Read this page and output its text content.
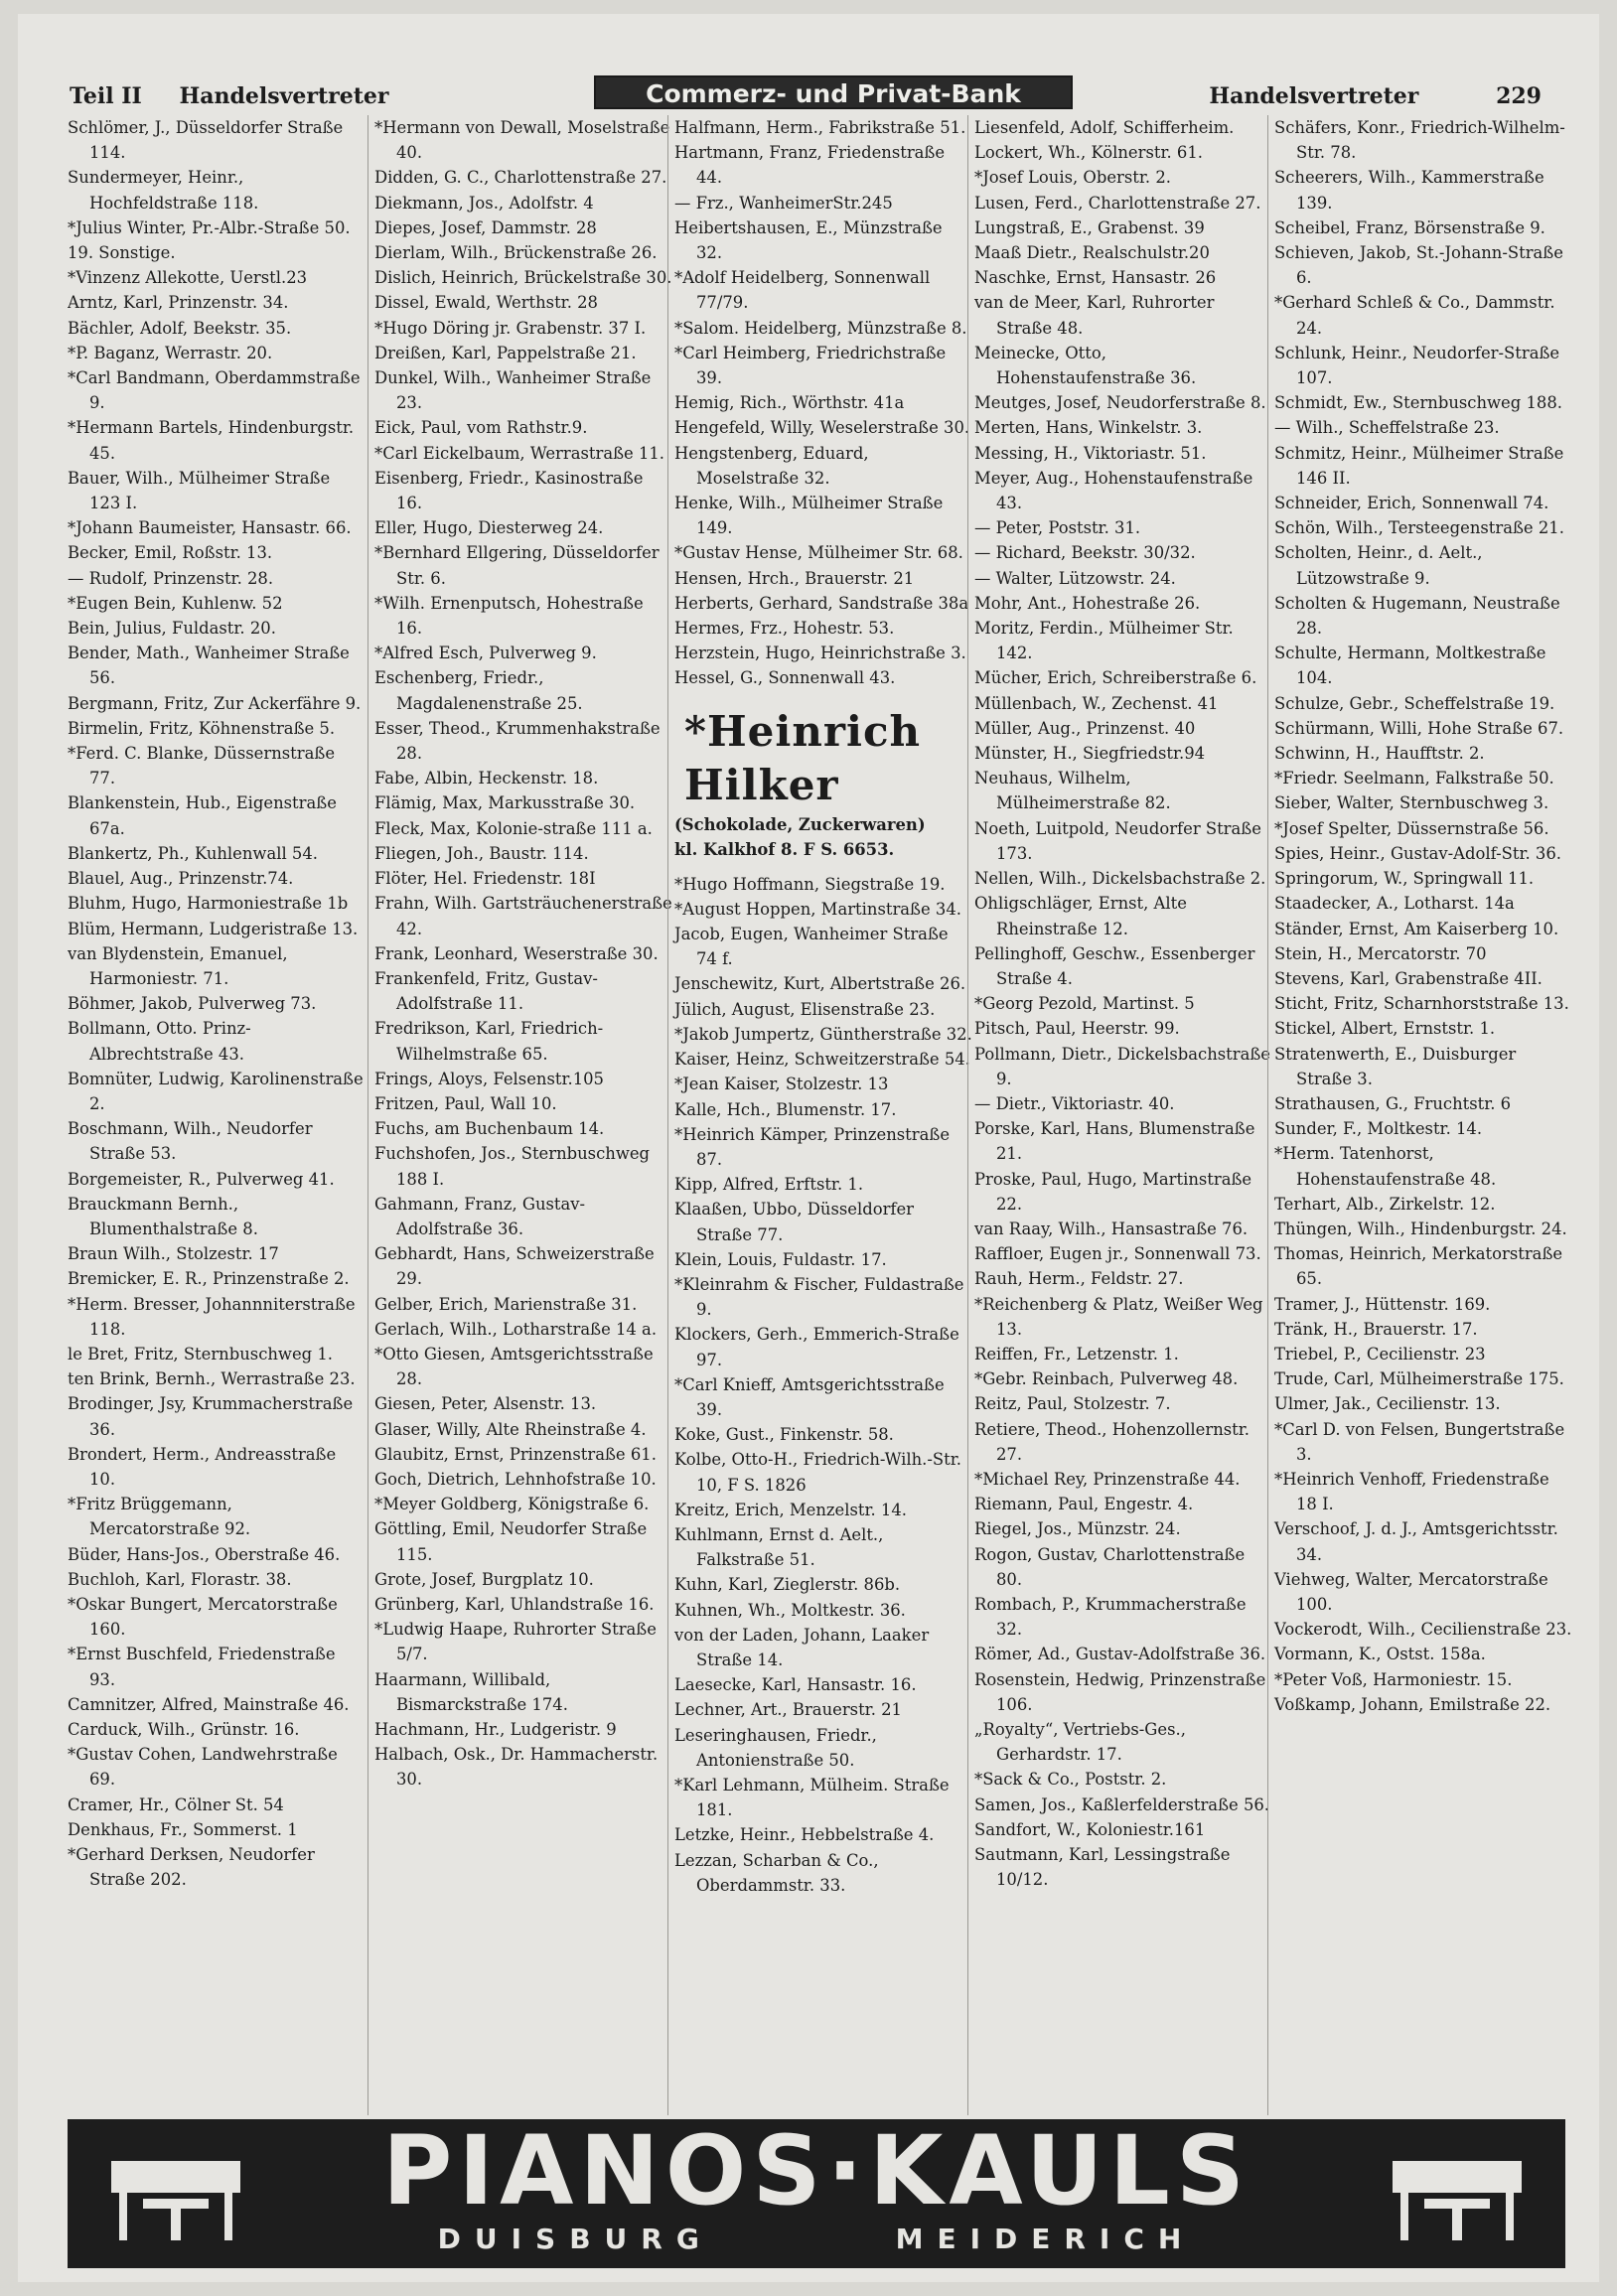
Teil II Handelsvertreter	Commerz- und Privat-Bank	Handelsvertreter	229

Schlömer, J., Düsseldorfer Straße 114.

Sundermeyer, Heinr., Hochfeldstraße 118.

*Julius Winter, Pr.-Albr.-Straße 50.

19. Sonstige.

*Vinzenz Allekotte, Uerstl.23

Arntz, Karl, Prinzenstr. 34.

Bächler, Adolf, Beekstr. 35.

*P. Baganz, Werrastr. 20.

*Carl Bandmann, Oberdammstraße 9.

*Hermann Bartels, Hindenburgstr. 45.

Bauer, Wilh., Mülheimer Straße 123 I.

*Johann Baumeister, Hansastr. 66.

Becker, Emil, Roßstr. 13.

— Rudolf, Prinzenstr. 28.

*Eugen Bein, Kuhlenw. 52

Bein, Julius, Fuldastr. 20.

Bender, Math., Wanheimer Straße 56.

Bergmann, Fritz, Zur Ackerfähre 9.

Birmelin, Fritz, Köhnenstraße 5.

*Ferd. C. Blanke, Düssernstraße 77.

Blankenstein, Hub., Eigenstraße 67a.

Blankertz, Ph., Kuhlenwall 54.

Blauel, Aug., Prinzenstr.74.

Bluhm, Hugo, Harmoniestraße 1b

Blüm, Hermann, Ludgeristraße 13.

van Blydenstein, Emanuel, Harmoniestr. 71.

Böhmer, Jakob, Pulverweg 73.

Bollmann, Otto. Prinz-Albrechtstraße 43.

Bomnüter, Ludwig, Karolinenstraße 2.

Boschmann, Wilh., Neudorfer Straße 53.

Borgemeister, R., Pulverweg 41.

Brauckmann Bernh., Blumenthalstraße 8.

Braun Wilh., Stolzestr. 17

Bremicker, E. R., Prinzenstraße 2.

*Herm. Bresser, Johannniterstraße 118.

le Bret, Fritz, Sternbuschweg 1.

ten Brink, Bernh., Werrastraße 23.

Brodinger, Jsy, Krummacherstraße 36.

Brondert, Herm., Andreasstraße 10.

*Fritz Brüggemann, Mercatorstraße 92.

Büder, Hans-Jos., Oberstraße 46.

Buchloh, Karl, Florastr. 38.

*Oskar Bungert, Mercatorstraße 160.

*Ernst Buschfeld, Friedenstraße 93.

Camnitzer, Alfred, Mainstraße 46.

Carduck, Wilh., Grünstr. 16.

*Gustav Cohen, Landwehrstraße 69.

Cramer, Hr., Cölner St. 54

Denkhaus, Fr., Sommerst. 1

*Gerhard Derksen, Neudorfer Straße 202.

*Hermann von Dewall, Moselstraße 40.

Didden, G. C., Charlottenstraße 27.

Diekmann, Jos., Adolfstr. 4

Diepes, Josef, Dammstr. 28

Dierlam, Wilh., Brückenstraße 26.

Dislich, Heinrich, Brückelstraße 30.

Dissel, Ewald, Werthstr. 28

*Hugo Döring jr. Grabenstr. 37 I.

Dreißen, Karl, Pappelstraße 21.

Dunkel, Wilh., Wanheimer Straße 23.

Eick, Paul, vom Rathstr.9.

*Carl Eickelbaum, Werrastraße 11.

Eisenberg, Friedr., Kasinostraße 16.

Eller, Hugo, Diesterweg 24.

*Bernhard Ellgering, Düsseldorfer Str. 6.

*Wilh. Ernenputsch, Hohestraße 16.

*Alfred Esch, Pulverweg 9.

Eschenberg, Friedr., Magdalenenstraße 25.

Esser, Theod., Krummenhakstraße 28.

Fabe, Albin, Heckenstr. 18.

Flämig, Max, Markusstraße 30.

Fleck, Max, Kolonie-straße 111 a.

Fliegen, Joh., Baustr. 114.

Flöter, Hel. Friedenstr. 18I

Frahn, Wilh. Gartsträuchenerstraße 42.

Frank, Leonhard, Weserstraße 30.

Frankenfeld, Fritz, Gustav-Adolfstraße 11.

Fredrikson, Karl, Friedrich-Wilhelmstraße 65.

Frings, Aloys, Felsenstr.105

Fritzen, Paul, Wall 10.

Fuchs, am Buchenbaum 14.

Fuchshofen, Jos., Sternbuschweg 188 I.

Gahmann, Franz, Gustav-Adolfstraße 36.

Gebhardt, Hans, Schweizerstraße 29.

Gelber, Erich, Marienstraße 31.

Gerlach, Wilh., Lotharstraße 14 a.

*Otto Giesen, Amtsgerichtsstraße 28.

Giesen, Peter, Alsenstr. 13.

Glaser, Willy, Alte Rheinstraße 4.

Glaubitz, Ernst, Prinzenstraße 61.

Goch, Dietrich, Lehnhofstraße 10.

*Meyer Goldberg, Königstraße 6.

Göttling, Emil, Neudorfer Straße 115.

Grote, Josef, Burgplatz 10.

Grünberg, Karl, Uhlandstraße 16.

*Ludwig Haape, Ruhrorter Straße 5/7.

Haarmann, Willibald, Bismarckstraße 174.

Hachmann, Hr., Ludgeristr. 9

Halbach, Osk., Dr. Hammacherstr. 30.

Halfmann, Herm., Fabrikstraße 51.

Hartmann, Franz, Friedenstraße 44.

— Frz., WanheimerStr.245

Heibertshausen, E., Münzstraße 32.

*Adolf Heidelberg, Sonnenwall 77/79.

*Salom. Heidelberg, Münzstraße 8.

*Carl Heimberg, Friedrichstraße 39.

Hemig, Rich., Wörthstr. 41a

Hengefeld, Willy, Weselerstraße 30.

Hengstenberg, Eduard, Moselstraße 32.

Henke, Wilh., Mülheimer Straße 149.

*Gustav Hense, Mülheimer Str. 68.

Hensen, Hrch., Brauerstr. 21

Herberts, Gerhard, Sandstraße 38a

Hermes, Frz., Hohestr. 53.

Herzstein, Hugo, Heinrichstraße 3.

Hessel, G., Sonnenwall 43.

*Heinrich Hilker
(Schokolade, Zuckerwaren)
kl. Kalkhof 8. F S. 6653.

*Hugo Hoffmann, Siegstraße 19.

*August Hoppen, Martinstraße 34.

Jacob, Eugen, Wanheimer Straße 74 f.

Jenschewitz, Kurt, Albertstraße 26.

Jülich, August, Elisenstraße 23.

*Jakob Jumpertz, Güntherstraße 32.

Kaiser, Heinz, Schweitzerstraße 54.

*Jean Kaiser, Stolzestr. 13

Kalle, Hch., Blumenstr. 17.

*Heinrich Kämper, Prinzenstraße 87.

Kipp, Alfred, Erftstr. 1.

Klaaßen, Ubbo, Düsseldorfer Straße 77.

Klein, Louis, Fuldastr. 17.

*Kleinrahm & Fischer, Fuldastraße 9.

Klockers, Gerh., Emmerich-Straße 97.

*Carl Knieff, Amtsgerichtsstraße 39.

Koke, Gust., Finkenstr. 58.

Kolbe, Otto-H., Friedrich-Wilh.-Str. 10, F S. 1826

Kreitz, Erich, Menzelstr. 14.

Kuhlmann, Ernst d. Aelt., Falkstraße 51.

Kuhn, Karl, Zieglerstr. 86b.

Kuhnen, Wh., Moltkestr. 36.

von der Laden, Johann, Laaker Straße 14.

Laesecke, Karl, Hansastr. 16.

Lechner, Art., Brauerstr. 21

Leseringhausen, Friedr., Antonienstraße 50.

*Karl Lehmann, Mülheim. Straße 181.

Letzke, Heinr., Hebbelstraße 4.

Lezzan, Scharban & Co., Oberdammstr. 33.

Liesenfeld, Adolf, Schifferheim.

Lockert, Wh., Kölnerstr. 61.

*Josef Louis, Oberstr. 2.

Lusen, Ferd., Charlottenstraße 27.

Lungstraß, E., Grabenst. 39

Maaß Dietr., Realschulstr.20

Naschke, Ernst, Hansastr. 26

van de Meer, Karl, Ruhrorter Straße 48.

Meinecke, Otto, Hohenstaufenstraße 36.

Meutges, Josef, Neudorferstraße 8.

Merten, Hans, Winkelstr. 3.

Messing, H., Viktoriastr. 51.

Meyer, Aug., Hohenstaufenstraße 43.

— Peter, Poststr. 31.

— Richard, Beekstr. 30/32.

— Walter, Lützowstr. 24.

Mohr, Ant., Hohestraße 26.

Moritz, Ferdin., Mülheimer Str. 142.

Mücher, Erich, Schreiberstraße 6.

Müllenbach, W., Zechenst. 41

Müller, Aug., Prinzenst. 40

Münster, H., Siegfriedstr.94

Neuhaus, Wilhelm, Mülheimerstraße 82.

Noeth, Luitpold, Neudorfer Straße 173.

Nellen, Wilh., Dickelsbachstraße 2.

Ohligschläger, Ernst, Alte Rheinstraße 12.

Pellinghoff, Geschw., Essenberger Straße 4.

*Georg Pezold, Martinst. 5

Pitsch, Paul, Heerstr. 99.

Pollmann, Dietr., Dickelsbachstraße 9.

— Dietr., Viktoriastr. 40.

Porske, Karl, Hans, Blumenstraße 21.

Proske, Paul, Hugo, Martinstraße 22.

van Raay, Wilh., Hansastraße 76.

Raffloer, Eugen jr., Sonnenwall 73.

Rauh, Herm., Feldstr. 27.

*Reichenberg & Platz, Weißer Weg 13.

Reiffen, Fr., Letzenstr. 1.

*Gebr. Reinbach, Pulverweg 48.

Reitz, Paul, Stolzestr. 7.

Retiere, Theod., Hohenzollernstr. 27.

*Michael Rey, Prinzenstraße 44.

Riemann, Paul, Engestr. 4.

Riegel, Jos., Münzstr. 24.

Rogon, Gustav, Charlottenstraße 80.

Rombach, P., Krummacherstraße 32.

Römer, Ad., Gustav-Adolfstraße 36.

Rosenstein, Hedwig, Prinzenstraße 106.

„Royalty“, Vertriebs-Ges., Gerhardstr. 17.

*Sack & Co., Poststr. 2.

Samen, Jos., Kaßlerfelderstraße 56.

Sandfort, W., Koloniestr.161

Sautmann, Karl, Lessingstraße 10/12.

Schäfers, Konr., Friedrich-Wilhelm-Str. 78.

Scheerers, Wilh., Kammerstraße 139.

Scheibel, Franz, Börsenstraße 9.

Schieven, Jakob, St.-Johann-Straße 6.

*Gerhard Schleß & Co., Dammstr. 24.

Schlunk, Heinr., Neudorfer-Straße 107.

Schmidt, Ew., Sternbuschweg 188.

— Wilh., Scheffelstraße 23.

Schmitz, Heinr., Mülheimer Straße 146 II.

Schneider, Erich, Sonnenwall 74.

Schön, Wilh., Tersteegenstraße 21.

Scholten, Heinr., d. Aelt., Lützowstraße 9.

Scholten & Hugemann, Neustraße 28.

Schulte, Hermann, Moltkestraße 104.

Schulze, Gebr., Scheffelstraße 19.

Schürmann, Willi, Hohe Straße 67.

Schwinn, H., Haufftstr. 2.

*Friedr. Seelmann, Falkstraße 50.

Sieber, Walter, Sternbuschweg 3.

*Josef Spelter, Düssernstraße 56.

Spies, Heinr., Gustav-Adolf-Str. 36.

Springorum, W., Springwall 11.

Staadecker, A., Lotharst. 14a

Ständer, Ernst, Am Kaiserberg 10.

Stein, H., Mercatorstr. 70

Stevens, Karl, Grabenstraße 4II.

Sticht, Fritz, Scharnhorststraße 13.

Stickel, Albert, Ernststr. 1.

Stratenwerth, E., Duisburger Straße 3.

Strathausen, G., Fruchtstr. 6

Sunder, F., Moltkestr. 14.

*Herm. Tatenhorst, Hohenstaufenstraße 48.

Terhart, Alb., Zirkelstr. 12.

Thüngen, Wilh., Hindenburgstr. 24.

Thomas, Heinrich, Merkatorstraße 65.

Tramer, J., Hüttenstr. 169.

Tränk, H., Brauerstr. 17.

Triebel, P., Cecilienstr. 23

Trude, Carl, Mülheimerstraße 175.

Ulmer, Jak., Cecilienstr. 13.

*Carl D. von Felsen, Bungertstraße 3.

*Heinrich Venhoff, Friedenstraße 18 I.

Verschoof, J. d. J., Amtsgerichtsstr. 34.

Viehweg, Walter, Mercatorstraße 100.

Vockerodt, Wilh., Cecilienstraße 23.

Vormann, K., Ostst. 158a.

*Peter Voß, Harmoniestr. 15.

Voßkamp, Johann, Emilstraße 22.

PIANOS·KAULS
DUISBURG	MEIDERICH
